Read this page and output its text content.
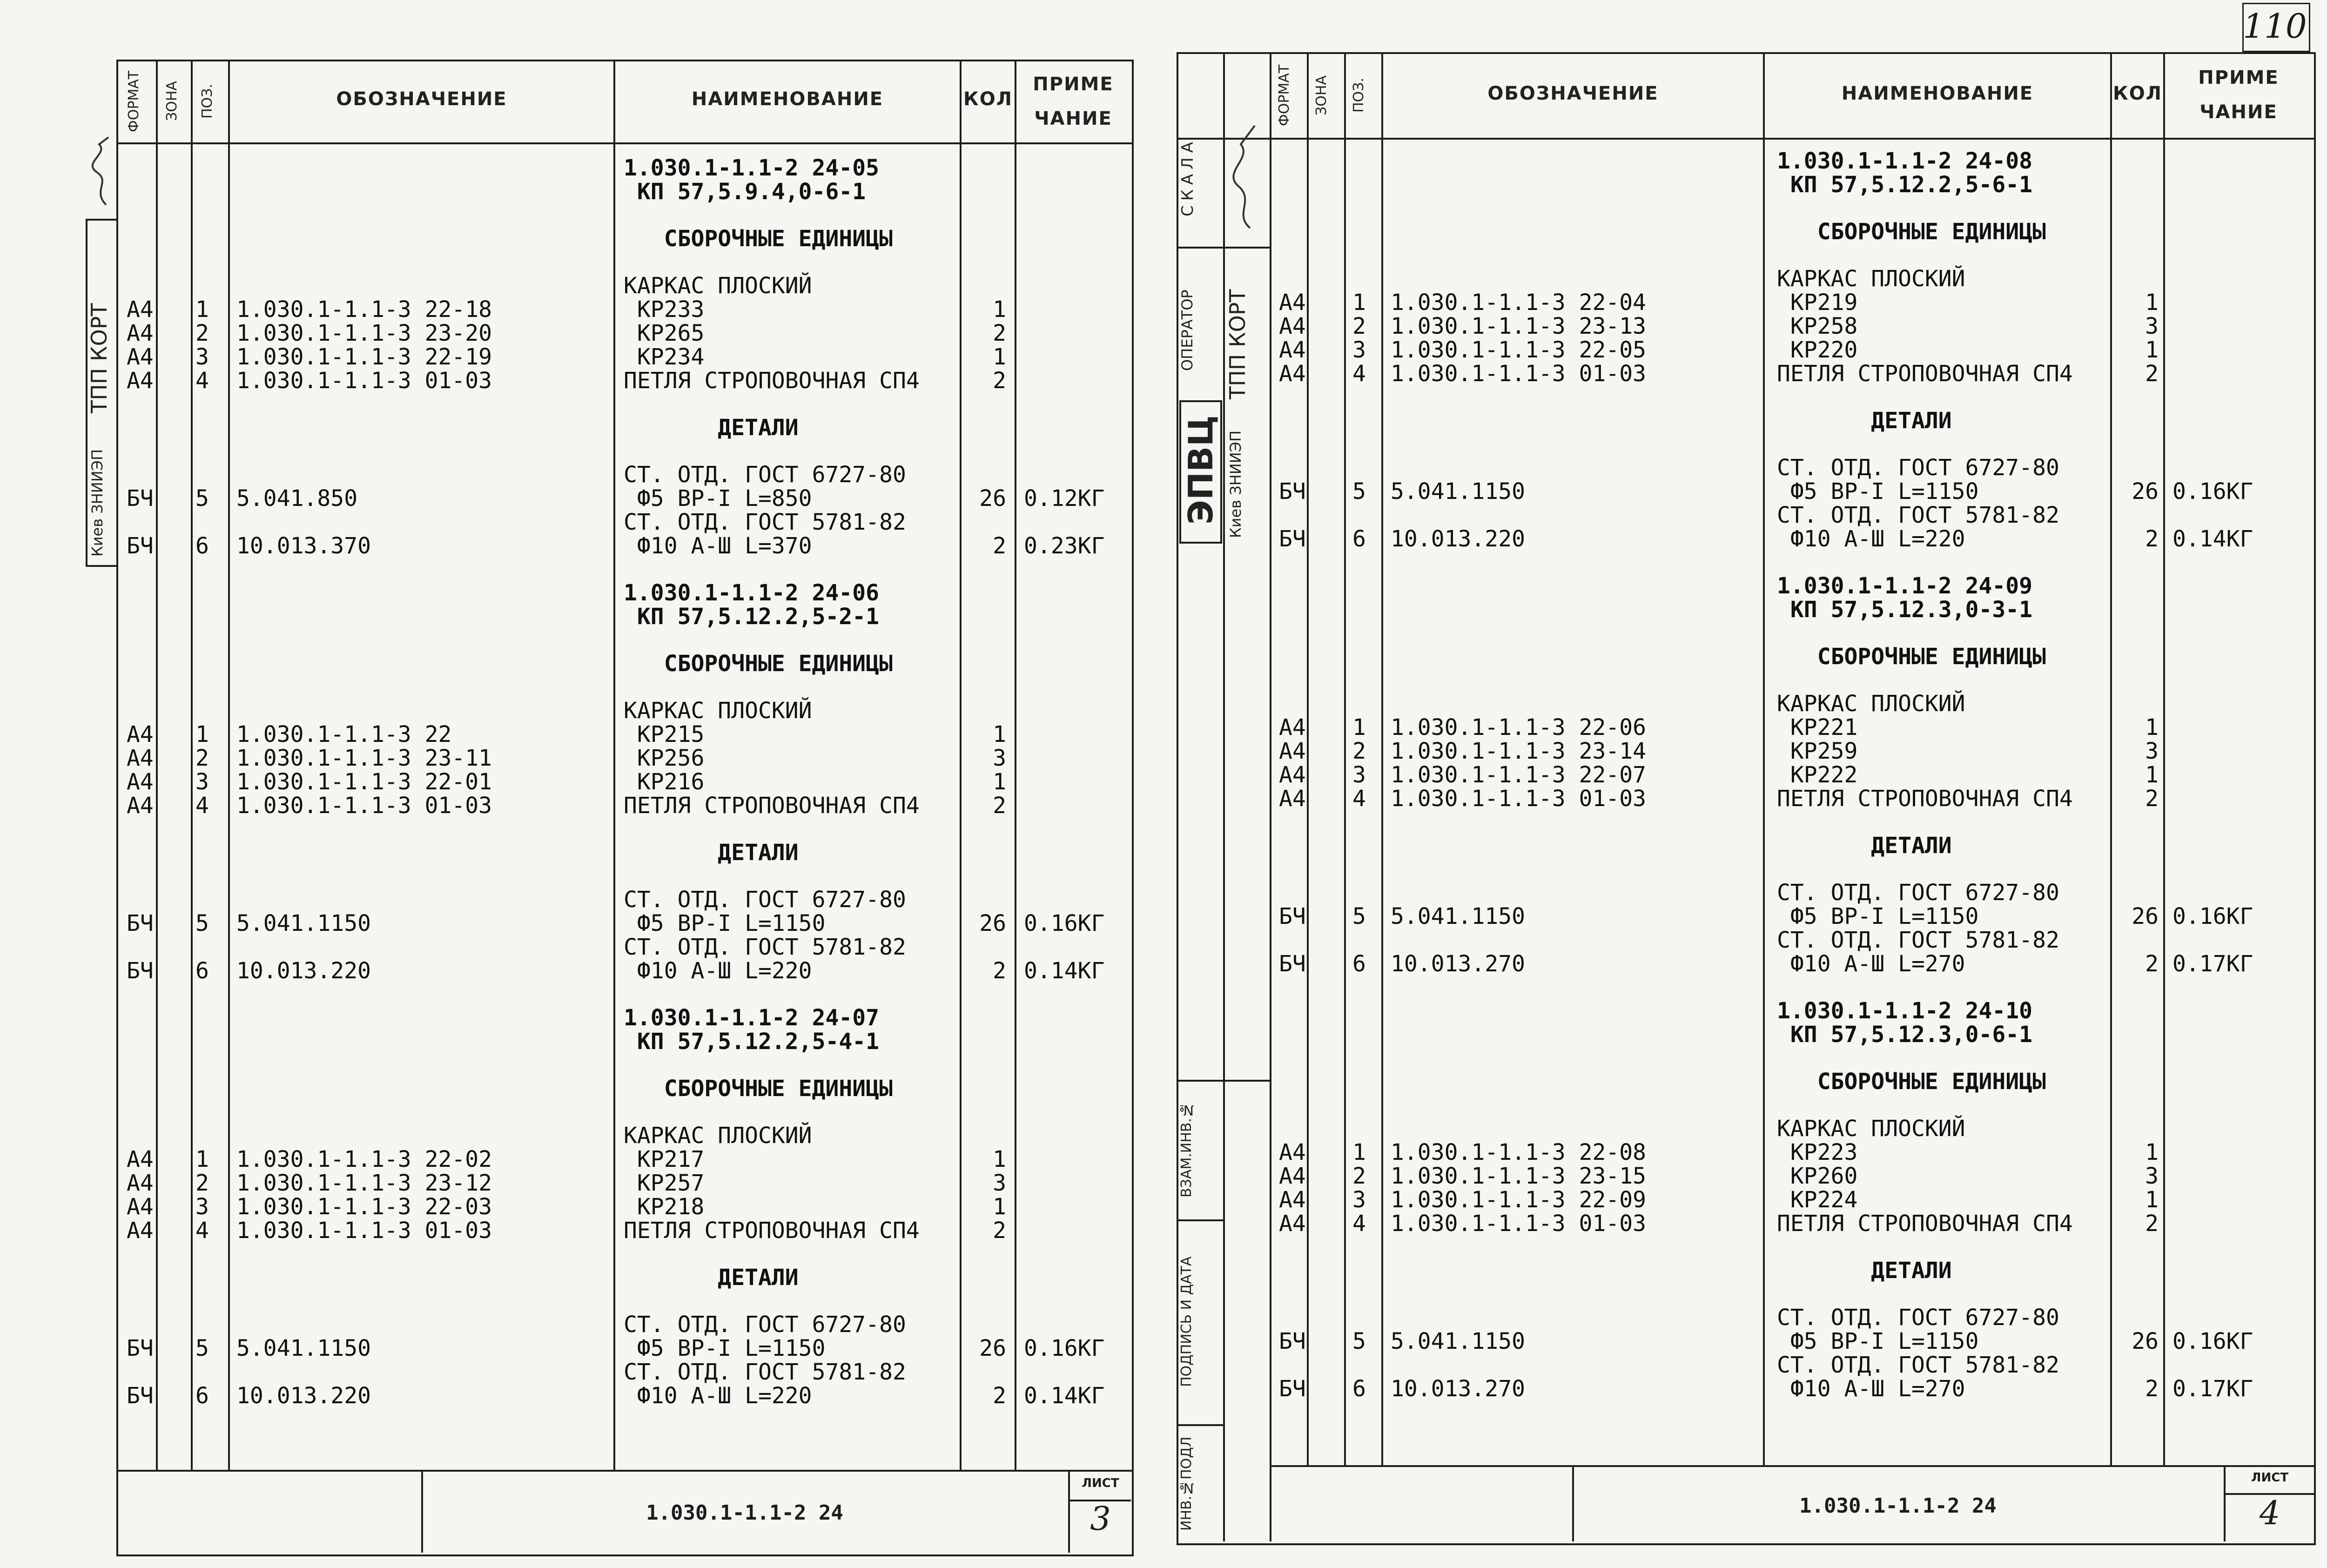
ФОРМАТ	ЗОНА	ПОЗ.	ОБОЗНАЧЕНИЕ	НАИМЕНОВАНИЕ	КОЛ
ПРИМЕ
ЧАНИЕ
ТПП КОРТ
Киев ЗНИИЭП
1.030.1-1.1-2 24-05
КП 57,5.9.4,0-6-1
СБОРОЧНЫЕ ЕДИНИЦЫ
КАРКАС ПЛОСКИЙ
А4 1 1.030.1-1.1-3 22-18	КР233	1
А4 2 1.030.1-1.1-3 23-20	КР265	2
А4 3 1.030.1-1.1-3 22-19	КР234	1
А4 4 1.030.1-1.1-3 01-03	ПЕТЛЯ СТРОПОВОЧНАЯ СП4	2
ДЕТАЛИ
СТ. ОТД. ГОСТ 6727-80
БЧ 5 5.041.850	Ф5 ВР-I L=850	26 0.12КГ
СТ. ОТД. ГОСТ 5781-82
БЧ 6 10.013.370	Ф10 А-Ш L=370	2 0.23КГ
1.030.1-1.1-2 24-06
КП 57,5.12.2,5-2-1
СБОРОЧНЫЕ ЕДИНИЦЫ
КАРКАС ПЛОСКИЙ
А4 1 1.030.1-1.1-3 22	КР215	1
А4 2 1.030.1-1.1-3 23-11	КР256	3
А4 3 1.030.1-1.1-3 22-01	КР216	1
А4 4 1.030.1-1.1-3 01-03	ПЕТЛЯ СТРОПОВОЧНАЯ СП4	2
ДЕТАЛИ
СТ. ОТД. ГОСТ 6727-80
БЧ 5 5.041.1150	Ф5 ВР-I L=1150	26 0.16КГ
СТ. ОТД. ГОСТ 5781-82
БЧ 6 10.013.220	Ф10 А-Ш L=220	2 0.14КГ
1.030.1-1.1-2 24-07
КП 57,5.12.2,5-4-1
СБОРОЧНЫЕ ЕДИНИЦЫ
КАРКАС ПЛОСКИЙ
А4 1 1.030.1-1.1-3 22-02	КР217	1
А4 2 1.030.1-1.1-3 23-12	КР257	3
А4 3 1.030.1-1.1-3 22-03	КР218	1
А4 4 1.030.1-1.1-3 01-03	ПЕТЛЯ СТРОПОВОЧНАЯ СП4	2
ДЕТАЛИ
СТ. ОТД. ГОСТ 6727-80
БЧ 5 5.041.1150	Ф5 ВР-I L=1150	26 0.16КГ
СТ. ОТД. ГОСТ 5781-82
БЧ 6 10.013.220	Ф10 А-Ш L=220	2 0.14КГ
1.030.1-1.1-2 24
ЛИСТ
3
СКАЛА
ОПЕРАТОР	ТПП КОРТ
ЭПВЦ Киев ЗНИИЭП
ВЗАМ.ИНВ.№
ПОДПИСЬ И ДАТА
ИНВ.№ПОДЛ
ФОРМАТ	ЗОНА	ПОЗ.	ОБОЗНАЧЕНИЕ	НАИМЕНОВАНИЕ	КОЛ
ПРИМЕ
ЧАНИЕ
1.030.1-1.1-2 24-08
КП 57,5.12.2,5-6-1
СБОРОЧНЫЕ ЕДИНИЦЫ
КАРКАС ПЛОСКИЙ
А4 1 1.030.1-1.1-3 22-04	КР219	1
А4 2 1.030.1-1.1-3 23-13	КР258	3
А4 3 1.030.1-1.1-3 22-05	КР220	1
А4 4 1.030.1-1.1-3 01-03	ПЕТЛЯ СТРОПОВОЧНАЯ СП4	2
ДЕТАЛИ
СТ. ОТД. ГОСТ 6727-80
БЧ 5 5.041.1150	Ф5 ВР-I L=1150	26 0.16КГ
СТ. ОТД. ГОСТ 5781-82
БЧ 6 10.013.220	Ф10 А-Ш L=220	2 0.14КГ
1.030.1-1.1-2 24-09
КП 57,5.12.3,0-3-1
СБОРОЧНЫЕ ЕДИНИЦЫ
КАРКАС ПЛОСКИЙ
А4 1 1.030.1-1.1-3 22-06	КР221	1
А4 2 1.030.1-1.1-3 23-14	КР259	3
А4 3 1.030.1-1.1-3 22-07	КР222	1
А4 4 1.030.1-1.1-3 01-03	ПЕТЛЯ СТРОПОВОЧНАЯ СП4	2
ДЕТАЛИ
СТ. ОТД. ГОСТ 6727-80
БЧ 5 5.041.1150	Ф5 ВР-I L=1150	26 0.16КГ
СТ. ОТД. ГОСТ 5781-82
БЧ 6 10.013.270	Ф10 А-Ш L=270	2 0.17КГ
1.030.1-1.1-2 24-10
КП 57,5.12.3,0-6-1
СБОРОЧНЫЕ ЕДИНИЦЫ
КАРКАС ПЛОСКИЙ
А4 1 1.030.1-1.1-3 22-08	КР223	1
А4 2 1.030.1-1.1-3 23-15	КР260	3
А4 3 1.030.1-1.1-3 22-09	КР224	1
А4 4 1.030.1-1.1-3 01-03	ПЕТЛЯ СТРОПОВОЧНАЯ СП4	2
ДЕТАЛИ
СТ. ОТД. ГОСТ 6727-80
БЧ 5 5.041.1150	Ф5 ВР-I L=1150	26 0.16КГ
СТ. ОТД. ГОСТ 5781-82
БЧ 6 10.013.270	Ф10 А-Ш L=270	2 0.17КГ
1.030.1-1.1-2 24
ЛИСТ
4
110
